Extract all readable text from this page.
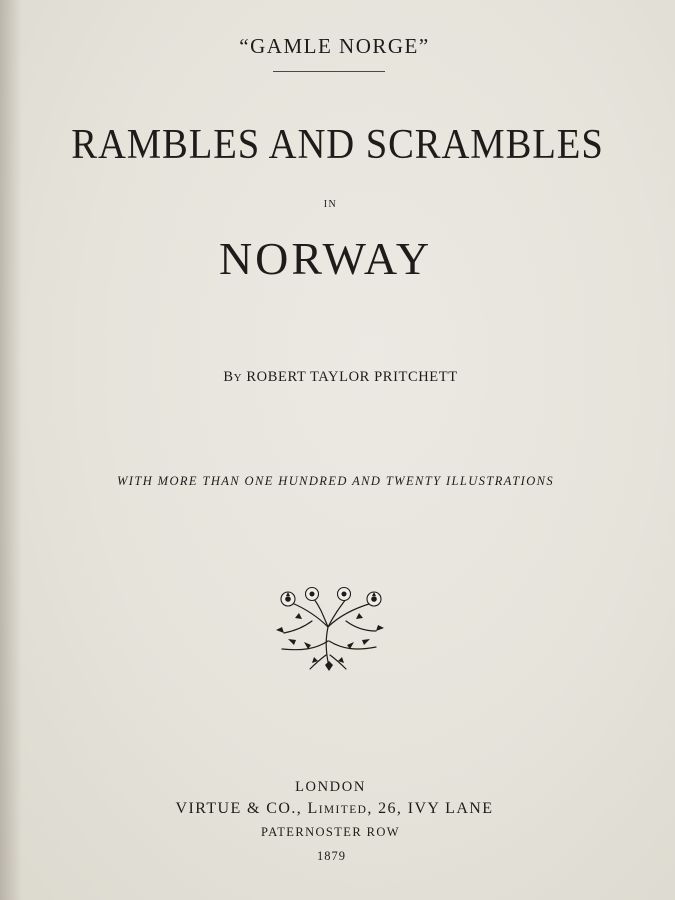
“GAMLE NORGE”
RAMBLES AND SCRAMBLES
IN
NORWAY
BY ROBERT TAYLOR PRITCHETT
WITH MORE THAN ONE HUNDRED AND TWENTY ILLUSTRATIONS
LONDON
VIRTUE & CO., LIMITED, 26, IVY LANE
PATERNOSTER ROW
1879
